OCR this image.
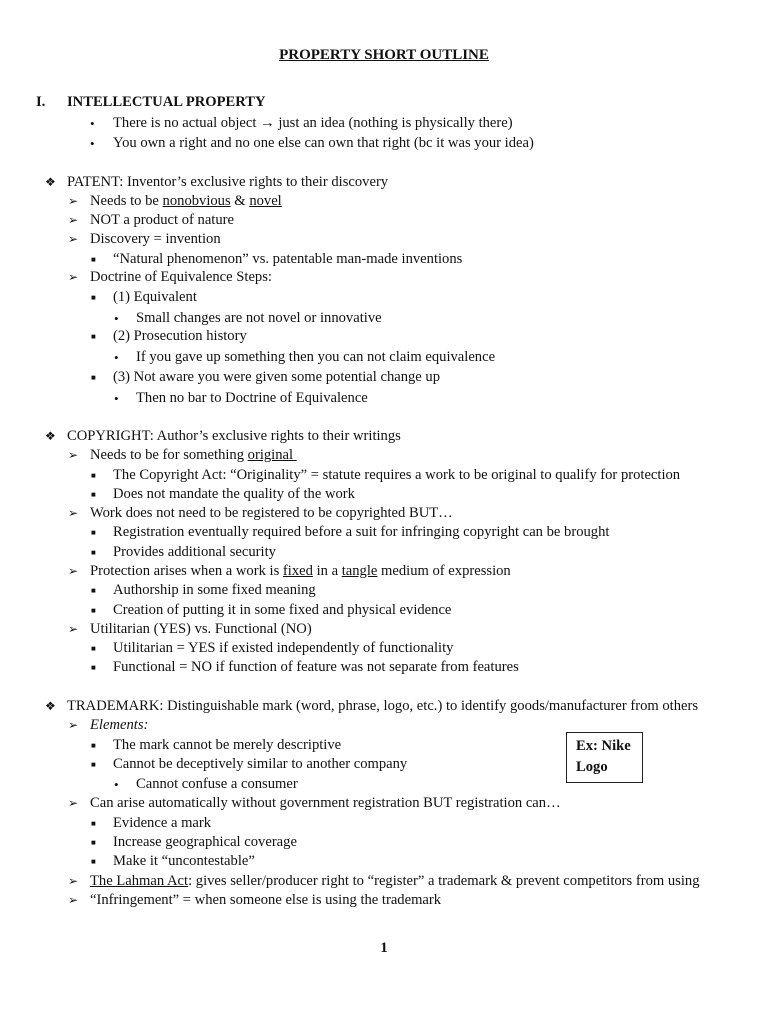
PROPERTY SHORT OUTLINE
I. INTELLECTUAL PROPERTY
• There is no actual object → just an idea (nothing is physically there)
• You own a right and no one else can own that right (bc it was your idea)
❖ PATENT: Inventor’s exclusive rights to their discovery
➢ Needs to be nonobvious & novel
➢ NOT a product of nature
➢ Discovery = invention
■ “Natural phenomenon” vs. patentable man-made inventions
➢ Doctrine of Equivalence Steps:
■ (1) Equivalent
• Small changes are not novel or innovative
■ (2) Prosecution history
• If you gave up something then you can not claim equivalence
■ (3) Not aware you were given some potential change up
• Then no bar to Doctrine of Equivalence
❖ COPYRIGHT: Author’s exclusive rights to their writings
➢ Needs to be for something original
■ The Copyright Act: “Originality” = statute requires a work to be original to qualify for protection
■ Does not mandate the quality of the work
➢ Work does not need to be registered to be copyrighted BUT…
■ Registration eventually required before a suit for infringing copyright can be brought
■ Provides additional security
➢ Protection arises when a work is fixed in a tangle medium of expression
■ Authorship in some fixed meaning
■ Creation of putting it in some fixed and physical evidence
➢ Utilitarian (YES) vs. Functional (NO)
■ Utilitarian = YES if existed independently of functionality
■ Functional = NO if function of feature was not separate from features
❖ TRADEMARK: Distinguishable mark (word, phrase, logo, etc.) to identify goods/manufacturer from others
➢ Elements:
■ The mark cannot be merely descriptive
■ Cannot be deceptively similar to another company
• Cannot confuse a consumer
Ex: Nike
Logo
➢ Can arise automatically without government registration BUT registration can…
■ Evidence a mark
■ Increase geographical coverage
■ Make it “uncontestable”
➢ The Lahman Act: gives seller/producer right to “register” a trademark & prevent competitors from using
➢ “Infringement” = when someone else is using the trademark
1
